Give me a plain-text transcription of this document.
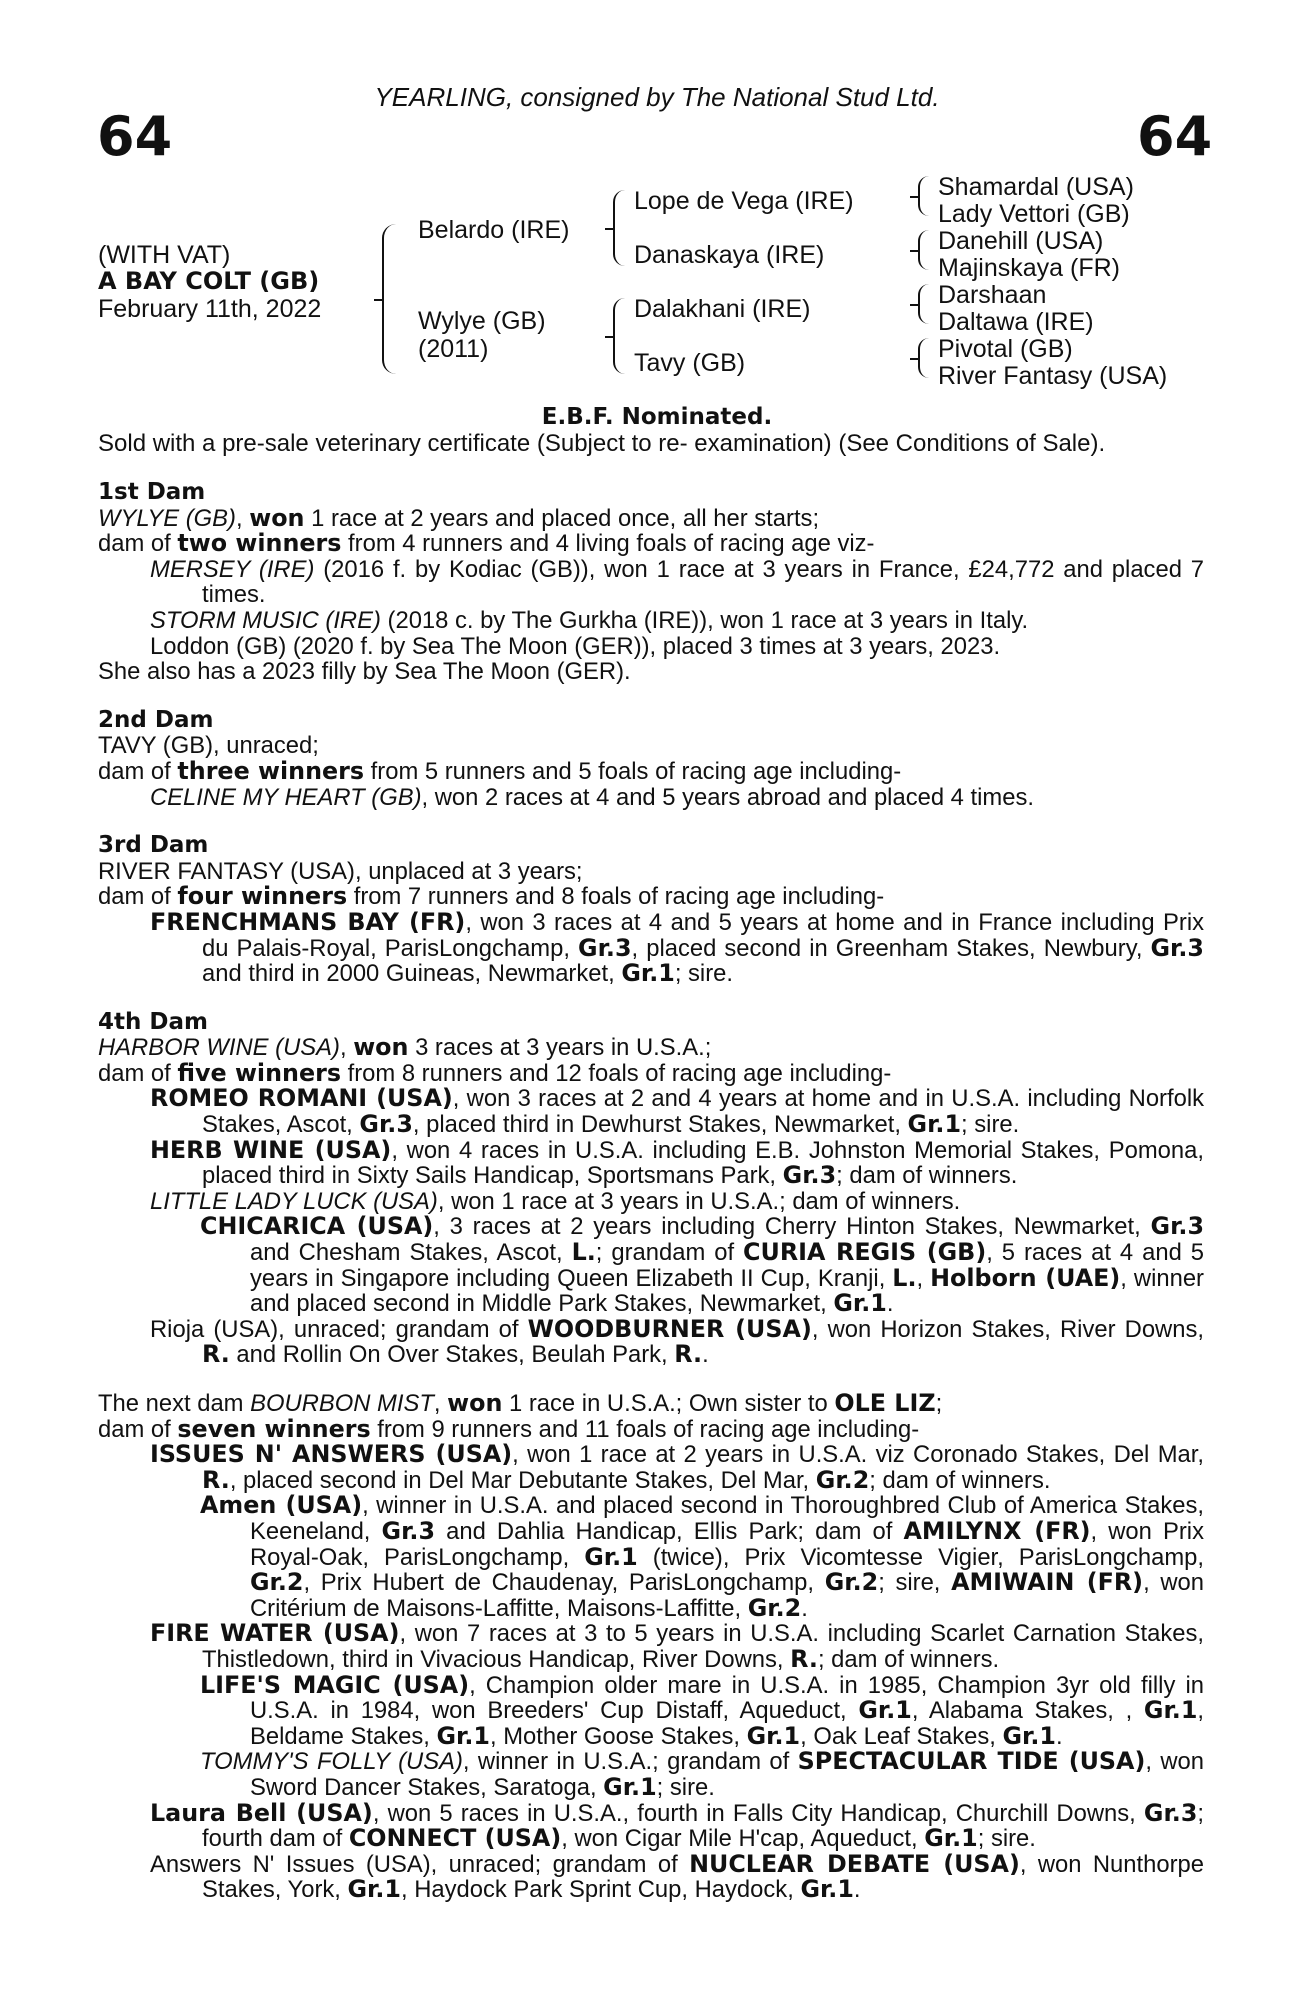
YEARLING, consigned by The National Stud Ltd.
64	64
(WITH VAT)
A BAY COLT (GB)
February 11th, 2022
Belardo (IRE)
Wylye (GB)
(2011)
Lope de Vega (IRE)
Danaskaya (IRE)
Dalakhani (IRE)
Tavy (GB)
Shamardal (USA)
Lady Vettori (GB)
Danehill (USA)
Majinskaya (FR)
Darshaan
Daltawa (IRE)
Pivotal (GB)
River Fantasy (USA)
E.B.F. Nominated.
Sold with a pre-sale veterinary certificate (Subject to re- examination) (See Conditions of Sale).

1st Dam

WYLYE (GB), won 1 race at 2 years and placed once, all her starts;

dam of two winners from 4 runners and 4 living foals of racing age viz-

MERSEY (IRE) (2016 f. by Kodiac (GB)), won 1 race at 3 years in France, £24,772 and placed 7 times.

STORM MUSIC (IRE) (2018 c. by The Gurkha (IRE)), won 1 race at 3 years in Italy.

Loddon (GB) (2020 f. by Sea The Moon (GER)), placed 3 times at 3 years, 2023.

She also has a 2023 filly by Sea The Moon (GER).

2nd Dam

TAVY (GB), unraced;

dam of three winners from 5 runners and 5 foals of racing age including-

CELINE MY HEART (GB), won 2 races at 4 and 5 years abroad and placed 4 times.

3rd Dam

RIVER FANTASY (USA), unplaced at 3 years;

dam of four winners from 7 runners and 8 foals of racing age including-

FRENCHMANS BAY (FR), won 3 races at 4 and 5 years at home and in France including Prix du Palais-Royal, ParisLongchamp, Gr.3, placed second in Greenham Stakes, Newbury, Gr.3 and third in 2000 Guineas, Newmarket, Gr.1; sire.

4th Dam

HARBOR WINE (USA), won 3 races at 3 years in U.S.A.;

dam of five winners from 8 runners and 12 foals of racing age including-

ROMEO ROMANI (USA), won 3 races at 2 and 4 years at home and in U.S.A. including Norfolk Stakes, Ascot, Gr.3, placed third in Dewhurst Stakes, Newmarket, Gr.1; sire.

HERB WINE (USA), won 4 races in U.S.A. including E.B. Johnston Memorial Stakes, Pomona, placed third in Sixty Sails Handicap, Sportsmans Park, Gr.3; dam of winners.

LITTLE LADY LUCK (USA), won 1 race at 3 years in U.S.A.; dam of winners.

CHICARICA (USA), 3 races at 2 years including Cherry Hinton Stakes, Newmarket, Gr.3 and Chesham Stakes, Ascot, L.; grandam of CURIA REGIS (GB), 5 races at 4 and 5 years in Singapore including Queen Elizabeth II Cup, Kranji, L., Holborn (UAE), winner and placed second in Middle Park Stakes, Newmarket, Gr.1.

Rioja (USA), unraced; grandam of WOODBURNER (USA), won Horizon Stakes, River Downs, R. and Rollin On Over Stakes, Beulah Park, R..

The next dam BOURBON MIST, won 1 race in U.S.A.; Own sister to OLE LIZ;

dam of seven winners from 9 runners and 11 foals of racing age including-

ISSUES N' ANSWERS (USA), won 1 race at 2 years in U.S.A. viz Coronado Stakes, Del Mar, R., placed second in Del Mar Debutante Stakes, Del Mar, Gr.2; dam of winners.

Amen (USA), winner in U.S.A. and placed second in Thoroughbred Club of America Stakes, Keeneland, Gr.3 and Dahlia Handicap, Ellis Park; dam of AMILYNX (FR), won Prix Royal-Oak, ParisLongchamp, Gr.1 (twice), Prix Vicomtesse Vigier, ParisLongchamp, Gr.2, Prix Hubert de Chaudenay, ParisLongchamp, Gr.2; sire, AMIWAIN (FR), won Critérium de Maisons-Laffitte, Maisons-Laffitte, Gr.2.

FIRE WATER (USA), won 7 races at 3 to 5 years in U.S.A. including Scarlet Carnation Stakes, Thistledown, third in Vivacious Handicap, River Downs, R.; dam of winners.

LIFE'S MAGIC (USA), Champion older mare in U.S.A. in 1985, Champion 3yr old filly in U.S.A. in 1984, won Breeders' Cup Distaff, Aqueduct, Gr.1, Alabama Stakes, , Gr.1, Beldame Stakes, Gr.1, Mother Goose Stakes, Gr.1, Oak Leaf Stakes, Gr.1.

TOMMY'S FOLLY (USA), winner in U.S.A.; grandam of SPECTACULAR TIDE (USA), won Sword Dancer Stakes, Saratoga, Gr.1; sire.

Laura Bell (USA), won 5 races in U.S.A., fourth in Falls City Handicap, Churchill Downs, Gr.3; fourth dam of CONNECT (USA), won Cigar Mile H'cap, Aqueduct, Gr.1; sire.

Answers N' Issues (USA), unraced; grandam of NUCLEAR DEBATE (USA), won Nunthorpe Stakes, York, Gr.1, Haydock Park Sprint Cup, Haydock, Gr.1.
